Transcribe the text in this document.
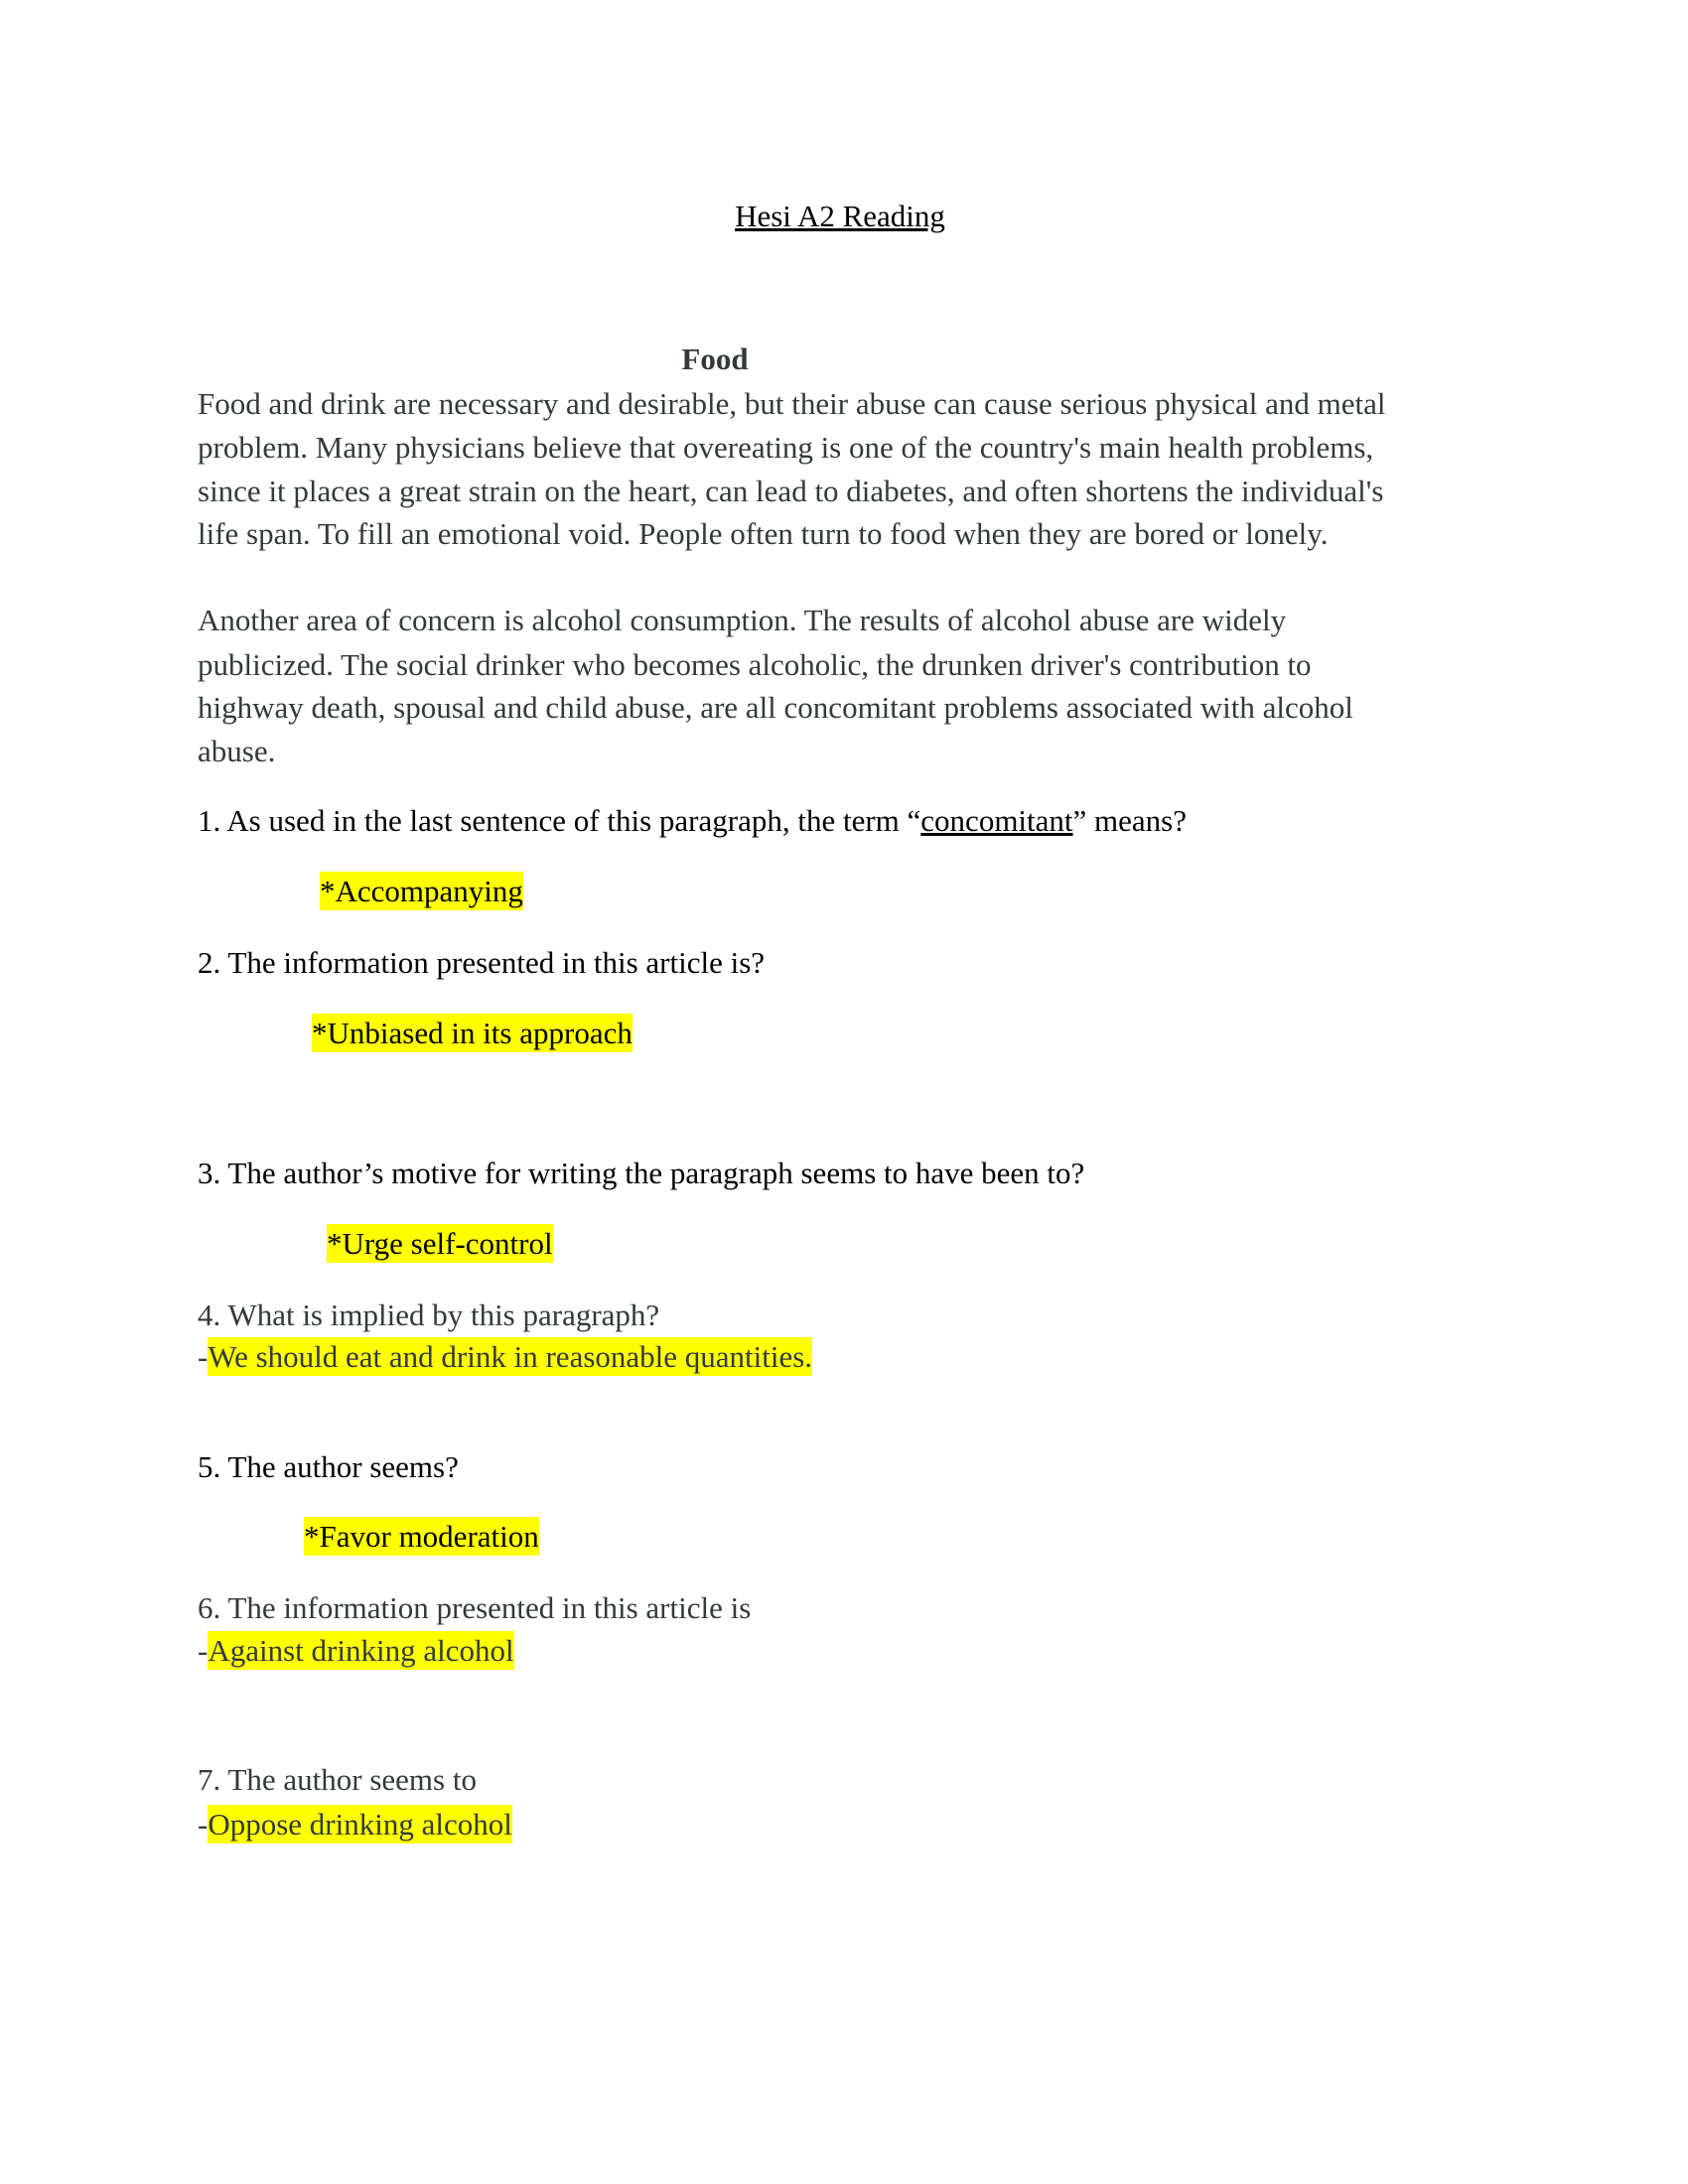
Hesi A2 Reading
Food
Food and drink are necessary and desirable, but their abuse can cause serious physical and metal
problem. Many physicians believe that overeating is one of the country's main health problems,
since it places a great strain on the heart, can lead to diabetes, and often shortens the individual's
life span. To fill an emotional void. People often turn to food when they are bored or lonely.
Another area of concern is alcohol consumption. The results of alcohol abuse are widely
publicized. The social drinker who becomes alcoholic, the drunken driver's contribution to
highway death, spousal and child abuse, are all concomitant problems associated with alcohol
abuse.
1. As used in the last sentence of this paragraph, the term “concomitant” means?
*Accompanying
2. The information presented in this article is?
*Unbiased in its approach
3. The author’s motive for writing the paragraph seems to have been to?
*Urge self-control
4. What is implied by this paragraph?
-We should eat and drink in reasonable quantities.
5. The author seems?
*Favor moderation
6. The information presented in this article is
-Against drinking alcohol
7. The author seems to
-Oppose drinking alcohol
